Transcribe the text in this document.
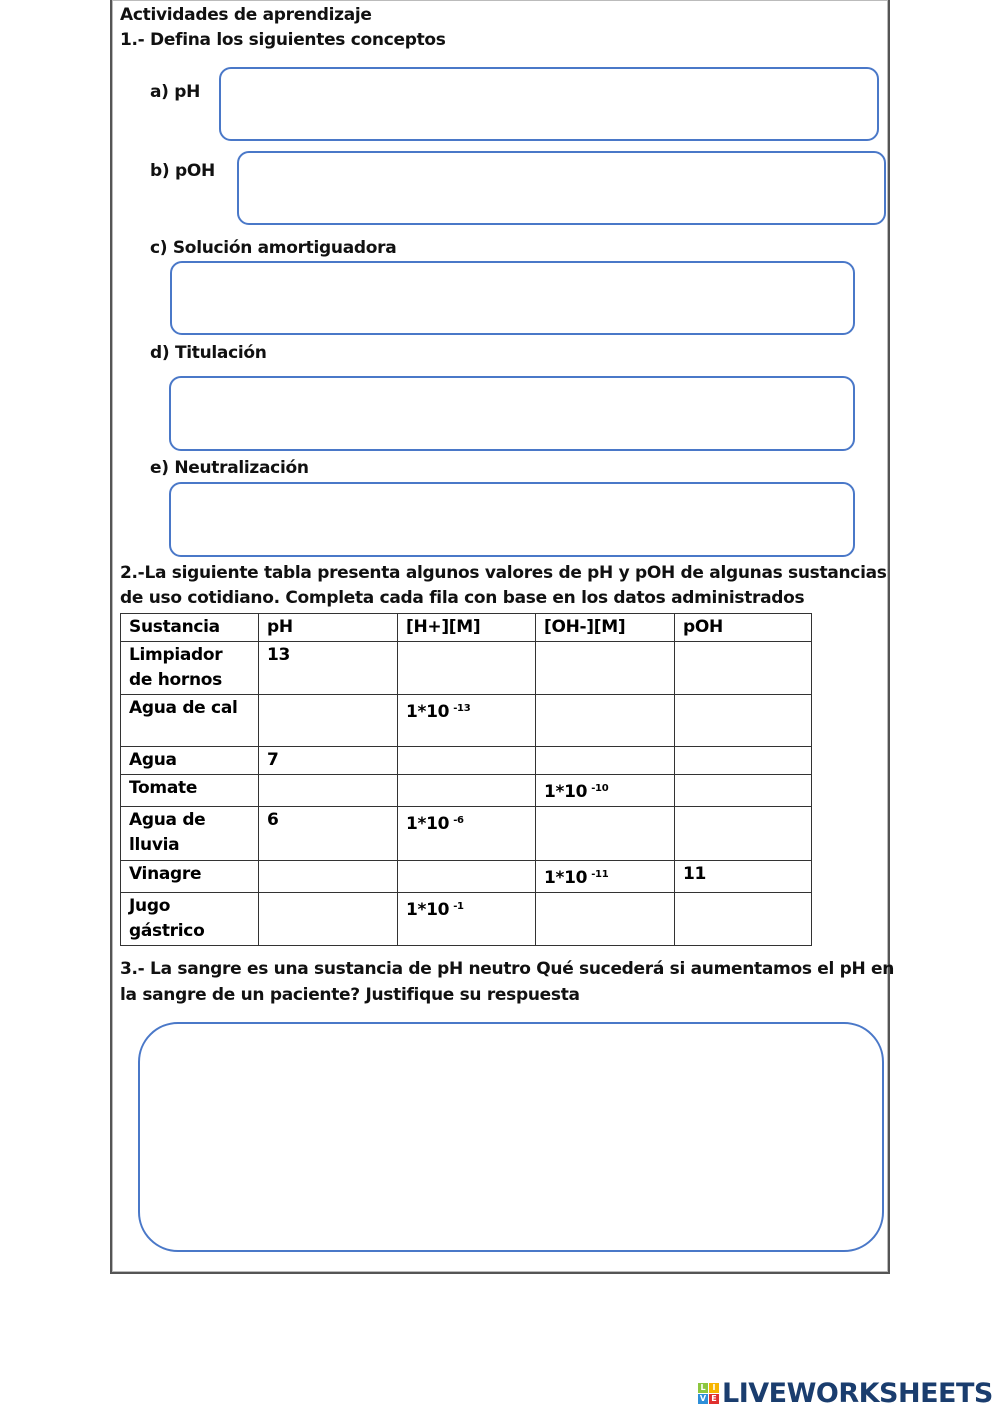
Actividades de aprendizaje
1.- Defina los siguientes conceptos
a) pH
b) pOH
c) Solución amortiguadora
d) Titulación
e) Neutralización
2.-La siguiente tabla presenta algunos valores de pH y pOH de algunas sustancias
de uso cotidiano. Completa cada fila con base en los datos administrados
Sustancia	pH	[H+][M]	[OH-][M]	pOH
Limpiador de hornos	13			
Agua de cal		1*10 $^{-13}$		
Agua	7			
Tomate			1*10 $^{-10}$	
Agua de lluvia	6	1*10 $^{-6}$		
Vinagre			1*10 $^{-11}$	11
Jugo gástrico		1*10 $^{-1}$		
3.- La sangre es una sustancia de pH neutro Qué sucederá si aumentamos el pH en
la sangre de un paciente? Justifique su respuesta
L I
V E LIVEWORKSHEETS
